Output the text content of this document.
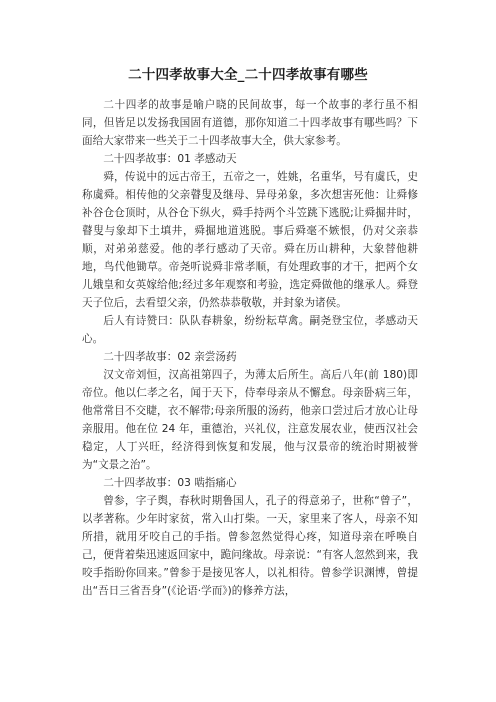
二十四孝故事大全_二十四孝故事有哪些

二十四孝的故事是喻户晓的民间故事，每一个故事的孝行虽不相同，但皆足以发扬我国固有道德，那你知道二十四孝故事有哪些吗？下面给大家带来一些关于二十四孝故事大全，供大家参考。

二十四孝故事：01 孝感动天

舜，传说中的远古帝王，五帝之一，姓姚，名重华，号有虞氏，史称虞舜。相传他的父亲瞽叟及继母、异母弟象，多次想害死他：让舜修补谷仓仓顶时，从谷仓下纵火，舜手持两个斗笠跳下逃脱;让舜掘井时，瞽叟与象却下土填井，舜掘地道逃脱。事后舜毫不嫉恨，仍对父亲恭顺，对弟弟慈爱。他的孝行感动了天帝。舜在历山耕种，大象替他耕地，鸟代他锄草。帝尧听说舜非常孝顺，有处理政事的才干，把两个女儿娥皇和女英嫁给他;经过多年观察和考验，选定舜做他的继承人。舜登天子位后，去看望父亲，仍然恭恭敬敬，并封象为诸侯。

后人有诗赞曰：队队春耕象，纷纷耘草禽。嗣尧登宝位，孝感动天心。

二十四孝故事：02 亲尝汤药

汉文帝刘恒，汉高祖第四子，为薄太后所生。高后八年(前 180)即帝位。他以仁孝之名，闻于天下，侍奉母亲从不懈怠。母亲卧病三年，他常常目不交睫，衣不解带;母亲所服的汤药，他亲口尝过后才放心让母亲服用。他在位 24 年，重德治，兴礼仪，注意发展农业，使西汉社会稳定，人丁兴旺，经济得到恢复和发展，他与汉景帝的统治时期被誉为“文景之治”。

二十四孝故事：03 啮指痛心

曾参，字子舆，春秋时期鲁国人，孔子的得意弟子，世称“曾子”，以孝著称。少年时家贫，常入山打柴。一天，家里来了客人，母亲不知所措，就用牙咬自己的手指。曾参忽然觉得心疼，知道母亲在呼唤自己，便背着柴迅速返回家中，跪问缘故。母亲说：“有客人忽然到来，我咬手指盼你回来。”曾参于是接见客人，以礼相待。曾参学识渊博，曾提出“吾日三省吾身”(《论语·学而》)的修养方法，
